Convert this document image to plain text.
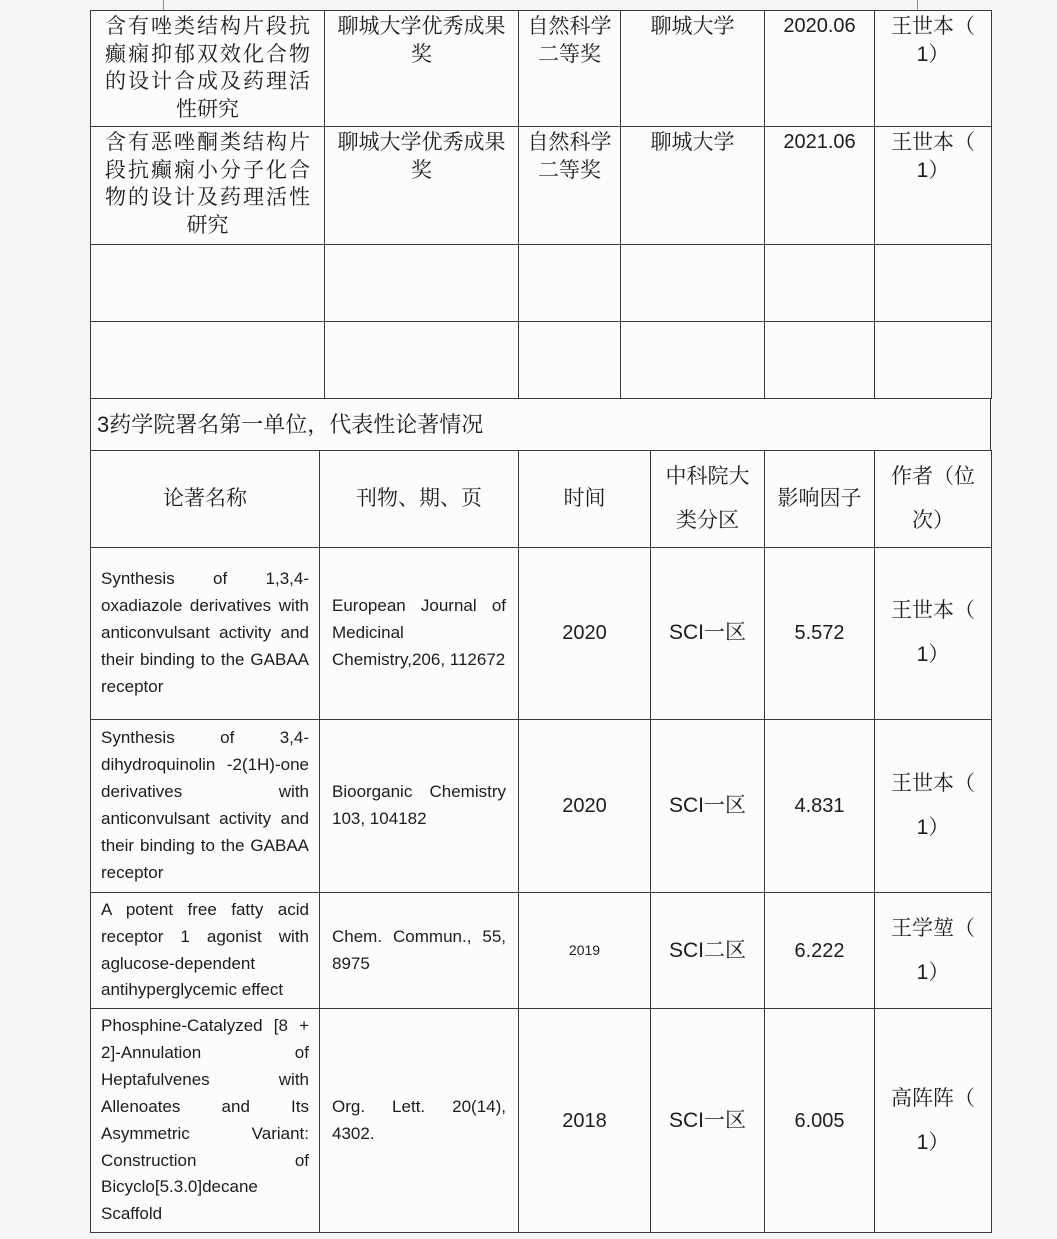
含有唑类结构片段抗癫痫抑郁双效化合物的设计合成及药理活性研究	聊城大学优秀成果奖	自然科学二等奖	聊城大学	2020.06	王世本（1）
含有恶唑酮类结构片段抗癫痫小分子化合物的设计及药理活性研究	聊城大学优秀成果奖	自然科学二等奖	聊城大学	2021.06	王世本（1）

3药学院署名第一单位，代表性论著情况
论著名称	刊物、期、页	时间	中科院大类分区	影响因子	作者（位次）
Synthesis of 1,3,4-oxadiazole derivatives with anticonvulsant activity and their binding to the GABAA receptor	European Journal of Medicinal Chemistry,206, 112672	2020	SCI一区	5.572	王世本（1）
Synthesis of 3,4-dihydroquinolin -2(1H)-one derivatives with anticonvulsant activity and their binding to the GABAA receptor	Bioorganic Chemistry 103, 104182	2020	SCI一区	4.831	王世本（1）
A potent free fatty acid receptor 1 agonist with aglucose-dependent antihyperglycemic effect	Chem. Commun., 55, 8975	2019	SCI二区	6.222	王学堃（1）
Phosphine-Catalyzed [8 + 2]-Annulation of Heptafulvenes with Allenoates and Its Asymmetric Variant: Construction of Bicyclo[5.3.0]decane Scaffold	Org. Lett. 20(14), 4302.	2018	SCI一区	6.005	高阵阵（1）
